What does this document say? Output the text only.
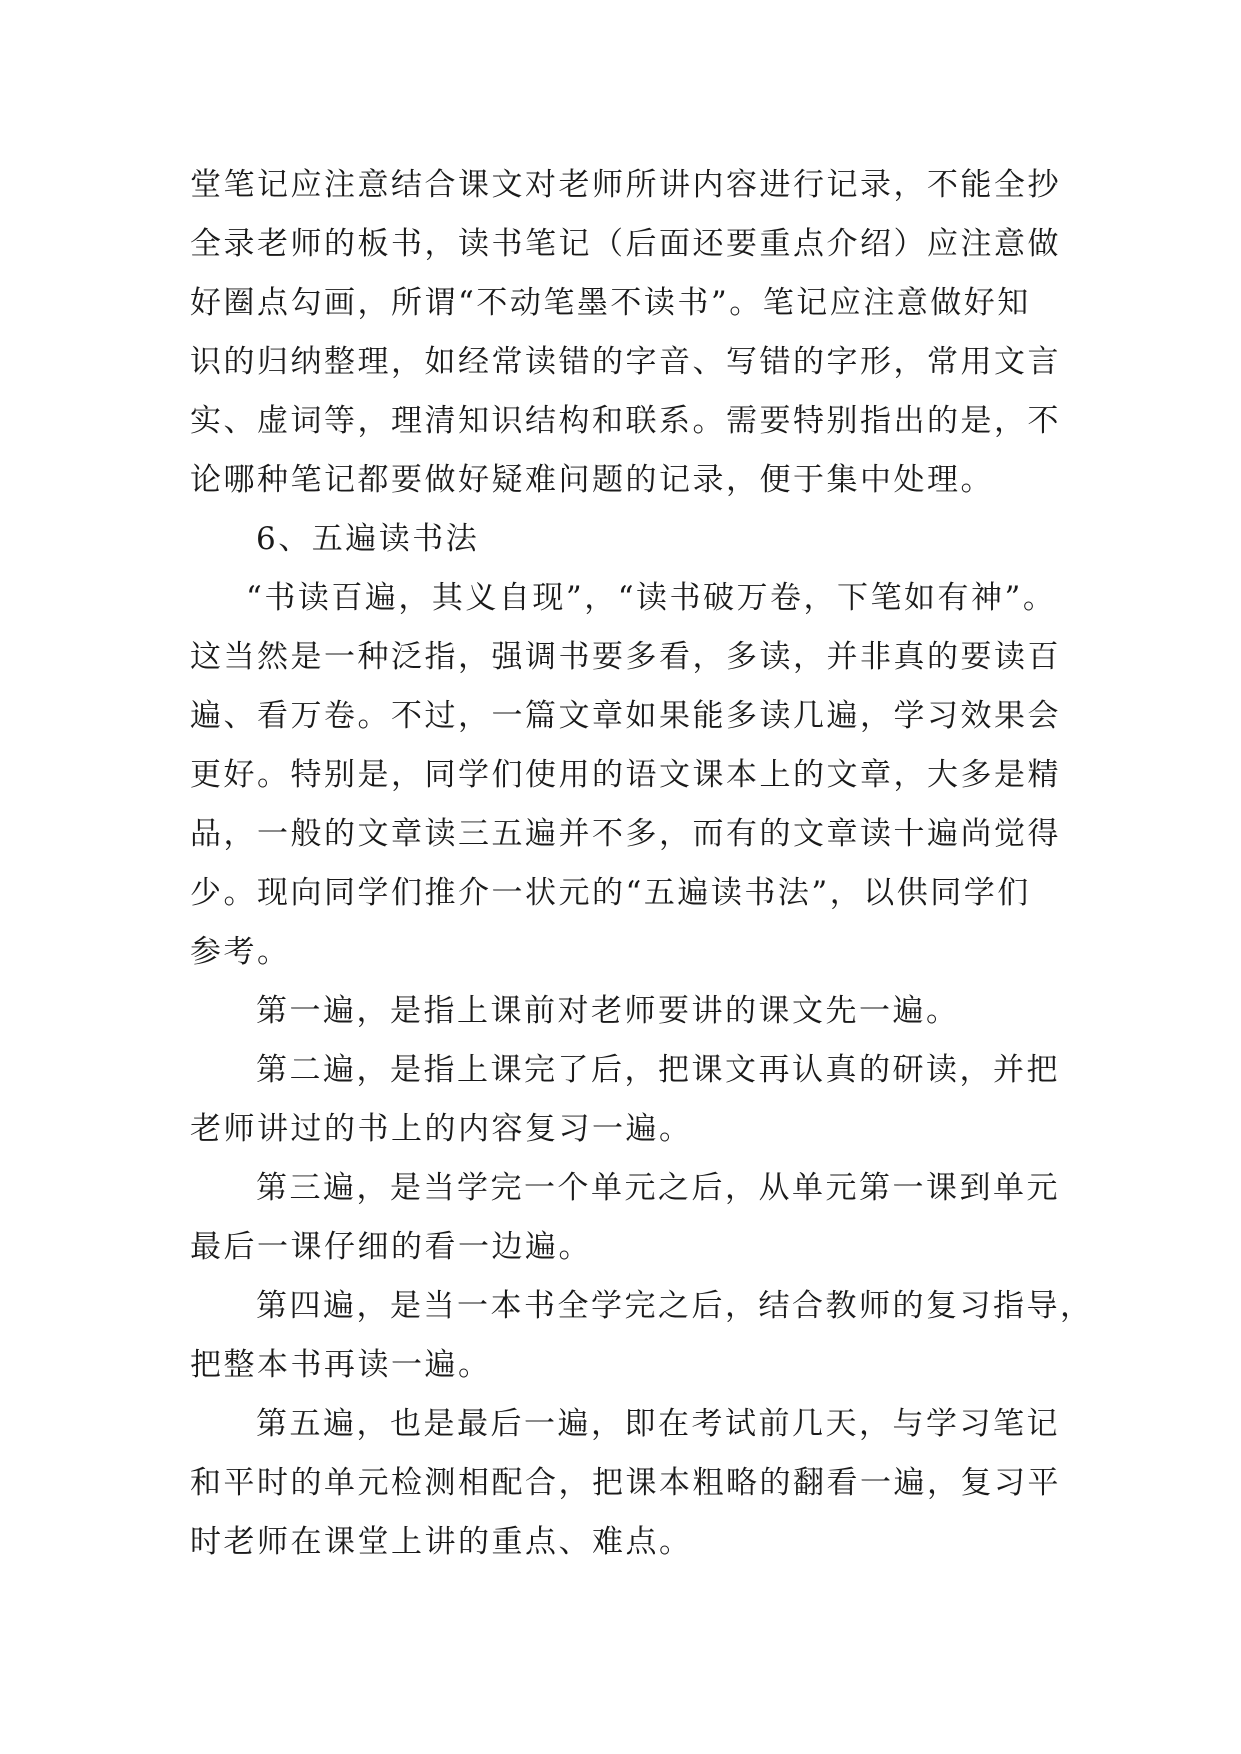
堂笔记应注意结合课文对老师所讲内容进行记录，不能全抄
全录老师的板书，读书笔记（后面还要重点介绍）应注意做
好圈点勾画，所谓“不动笔墨不读书”。笔记应注意做好知
识的归纳整理，如经常读错的字音、写错的字形，常用文言
实、虚词等，理清知识结构和联系。需要特别指出的是，不
论哪种笔记都要做好疑难问题的记录，便于集中处理。
6、五遍读书法
“书读百遍，其义自现”，“读书破万卷，下笔如有神”。
这当然是一种泛指，强调书要多看，多读，并非真的要读百
遍、看万卷。不过，一篇文章如果能多读几遍，学习效果会
更好。特别是，同学们使用的语文课本上的文章，大多是精
品，一般的文章读三五遍并不多，而有的文章读十遍尚觉得
少。现向同学们推介一状元的“五遍读书法”，以供同学们
参考。
第一遍，是指上课前对老师要讲的课文先一遍。
第二遍，是指上课完了后，把课文再认真的研读，并把
老师讲过的书上的内容复习一遍。
第三遍，是当学完一个单元之后，从单元第一课到单元
最后一课仔细的看一边遍。
第四遍，是当一本书全学完之后，结合教师的复习指导，
把整本书再读一遍。
第五遍，也是最后一遍，即在考试前几天，与学习笔记
和平时的单元检测相配合，把课本粗略的翻看一遍，复习平
时老师在课堂上讲的重点、难点。
